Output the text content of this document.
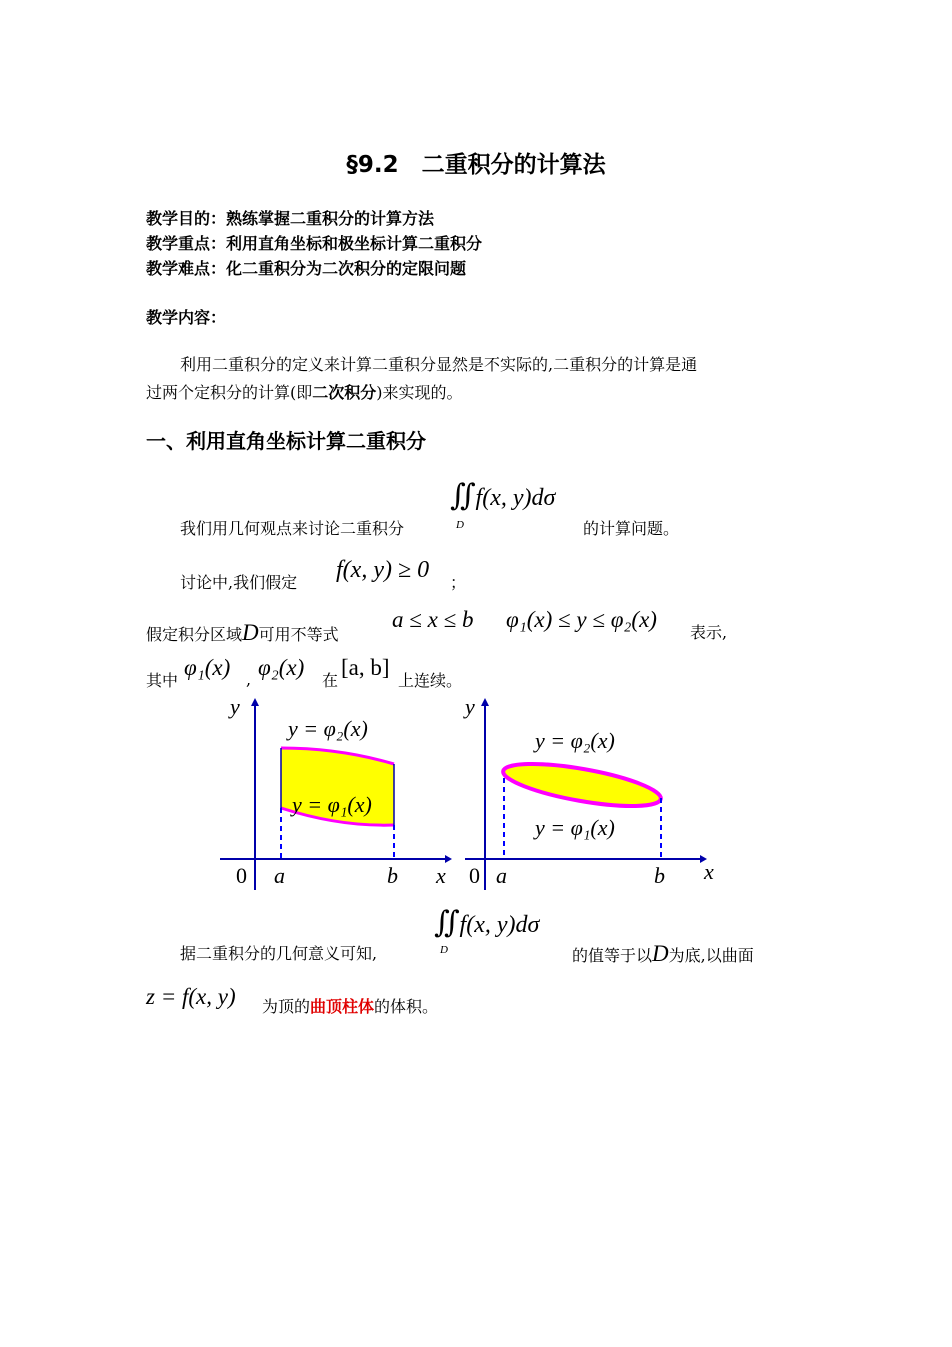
§9.2　二重积分的计算法
教学目的：熟练掌握二重积分的计算方法
教学重点：利用直角坐标和极坐标计算二重积分
教学难点：化二重积分为二次积分的定限问题
教学内容：
利用二重积分的定义来计算二重积分显然是不实际的,二重积分的计算是通
过两个定积分的计算(即二次积分)来实现的。
一、利用直角坐标计算二重积分
我们用几何观点来讨论二重积分
∬f(x, y)dσ
D	的计算问题。
讨论中,我们假定 f(x, y) ≥ 0 ；
假定积分区域D可用不等式
a ≤ x ≤ b φ₁(x) ≤ y ≤ φ₂(x)
表示,
其中
φ₁(x) , φ₂(x)
在
[a, b]
上连续。
y
0 a	b x
y = φ₂(x)
y = φ₁(x)
y
0 a	b x
y = φ₂(x)
y = φ₁(x)
据二重积分的几何意义可知,
∬f(x, y)dσ
D	的值等于以D为底,以曲面
z = f(x, y) 为顶的曲顶柱体的体积。
